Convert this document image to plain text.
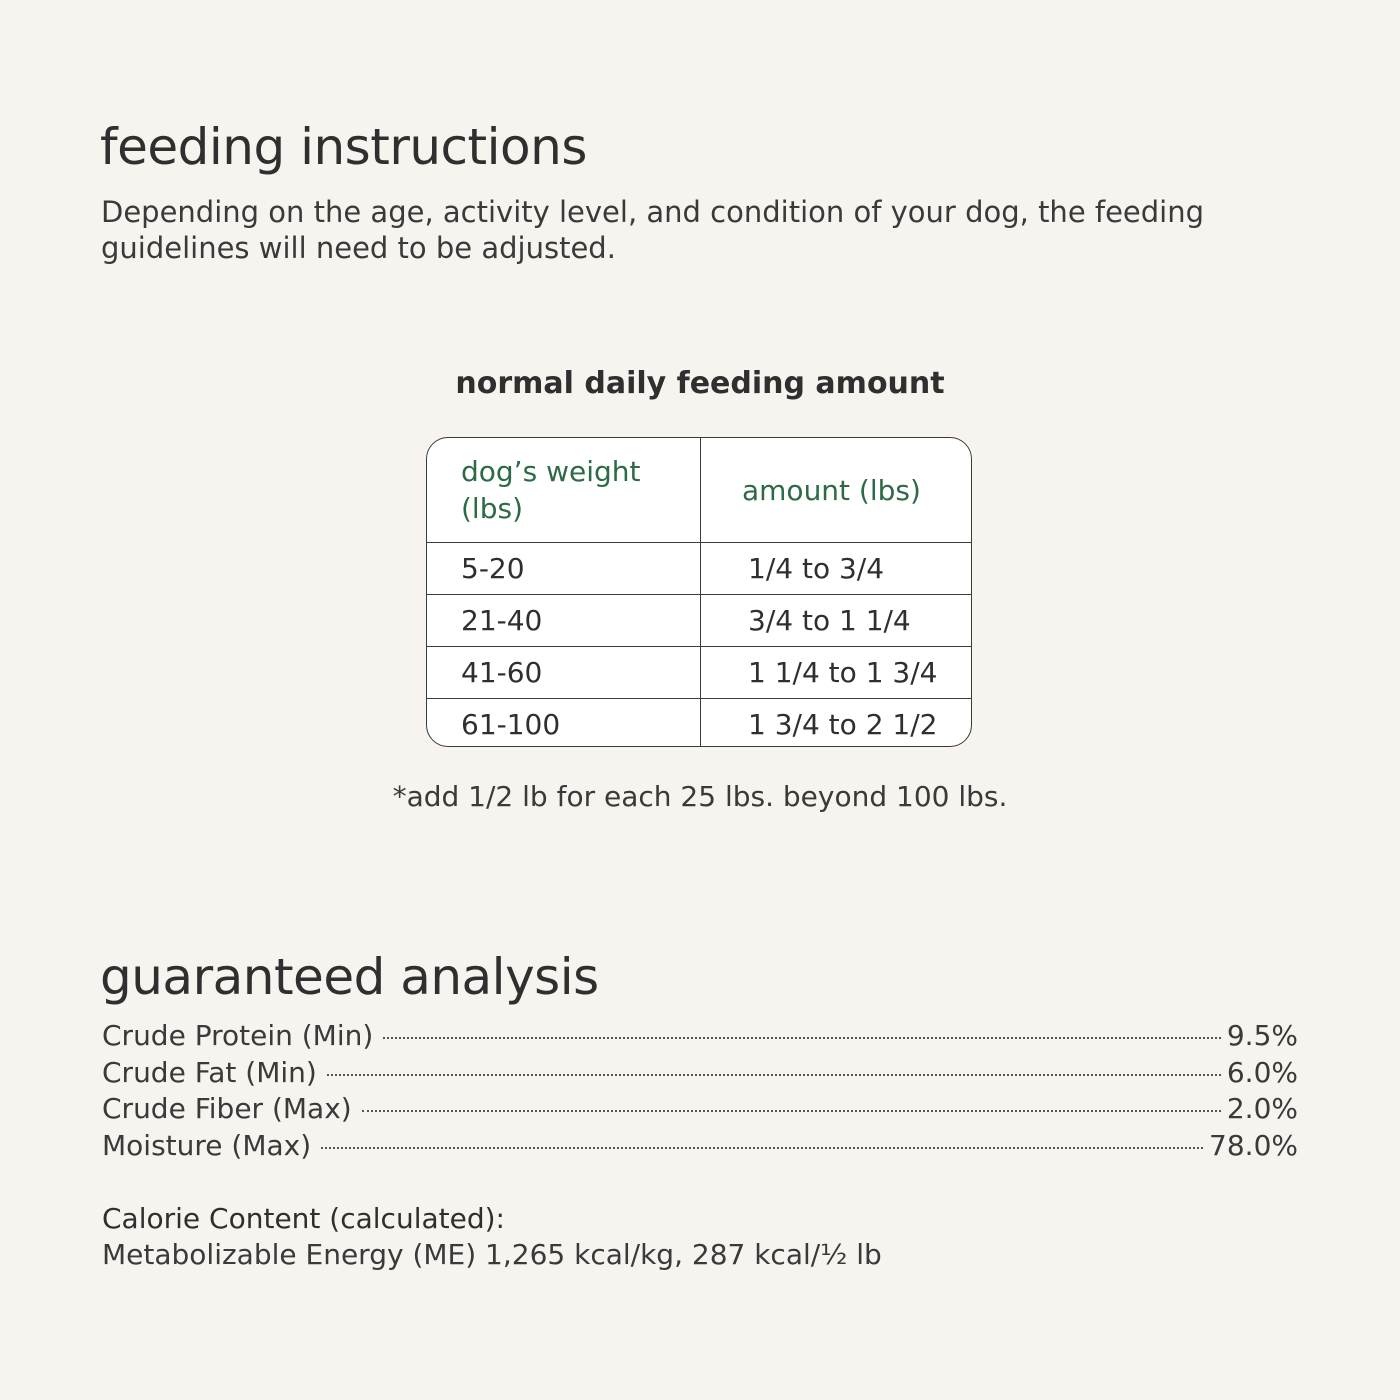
feeding instructions

Depending on the age, activity level, and condition of your dog, the feeding guidelines will need to be adjusted.

normal daily feeding amount
dog’s weight (lbs)	amount (lbs)
5-20	1/4 to 3/4
21-40	3/4 to 1 1/4
41-60	1 1/4 to 1 3/4
61-100	1 3/4 to 2 1/2

*add 1/2 lb for each 25 lbs. beyond 100 lbs.

guaranteed analysis
Crude Protein (Min)	9.5%
Crude Fat (Min)	6.0%
Crude Fiber (Max)	2.0%
Moisture (Max)	78.0%

Calorie Content (calculated):

Metabolizable Energy (ME) 1,265 kcal/kg, 287 kcal/½ lb
